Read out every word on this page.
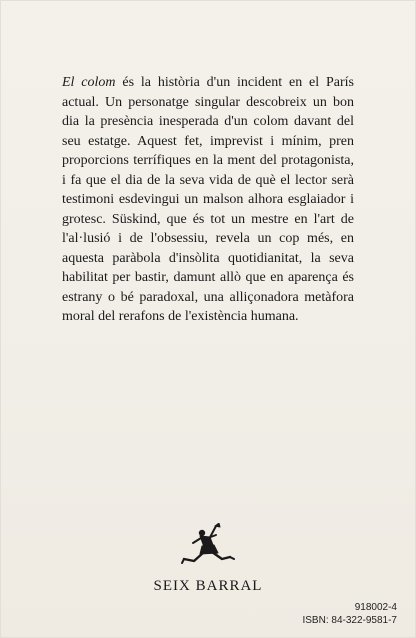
El colom és la història d'un incident en el París actual. Un personatge singular descobreix un bon dia la presència inesperada d'un colom davant del seu estatge. Aquest fet, imprevist i mínim, pren proporcions terrífiques en la ment del protagonista, i fa que el dia de la seva vida de què el lector serà testimoni esdevingui un malson alhora esglaiador i grotesc. Süskind, que és tot un mestre en l'art de l'al·lusió i de l'obsessiu, revela un cop més, en aquesta paràbola d'insòlita quotidianitat, la seva habilitat per bastir, damunt allò que en aparença és estrany o bé paradoxal, una alliçonadora metàfora moral del rerafons de l'existència humana.

SEIX BARRAL
918002-4
ISBN: 84-322-9581-7
